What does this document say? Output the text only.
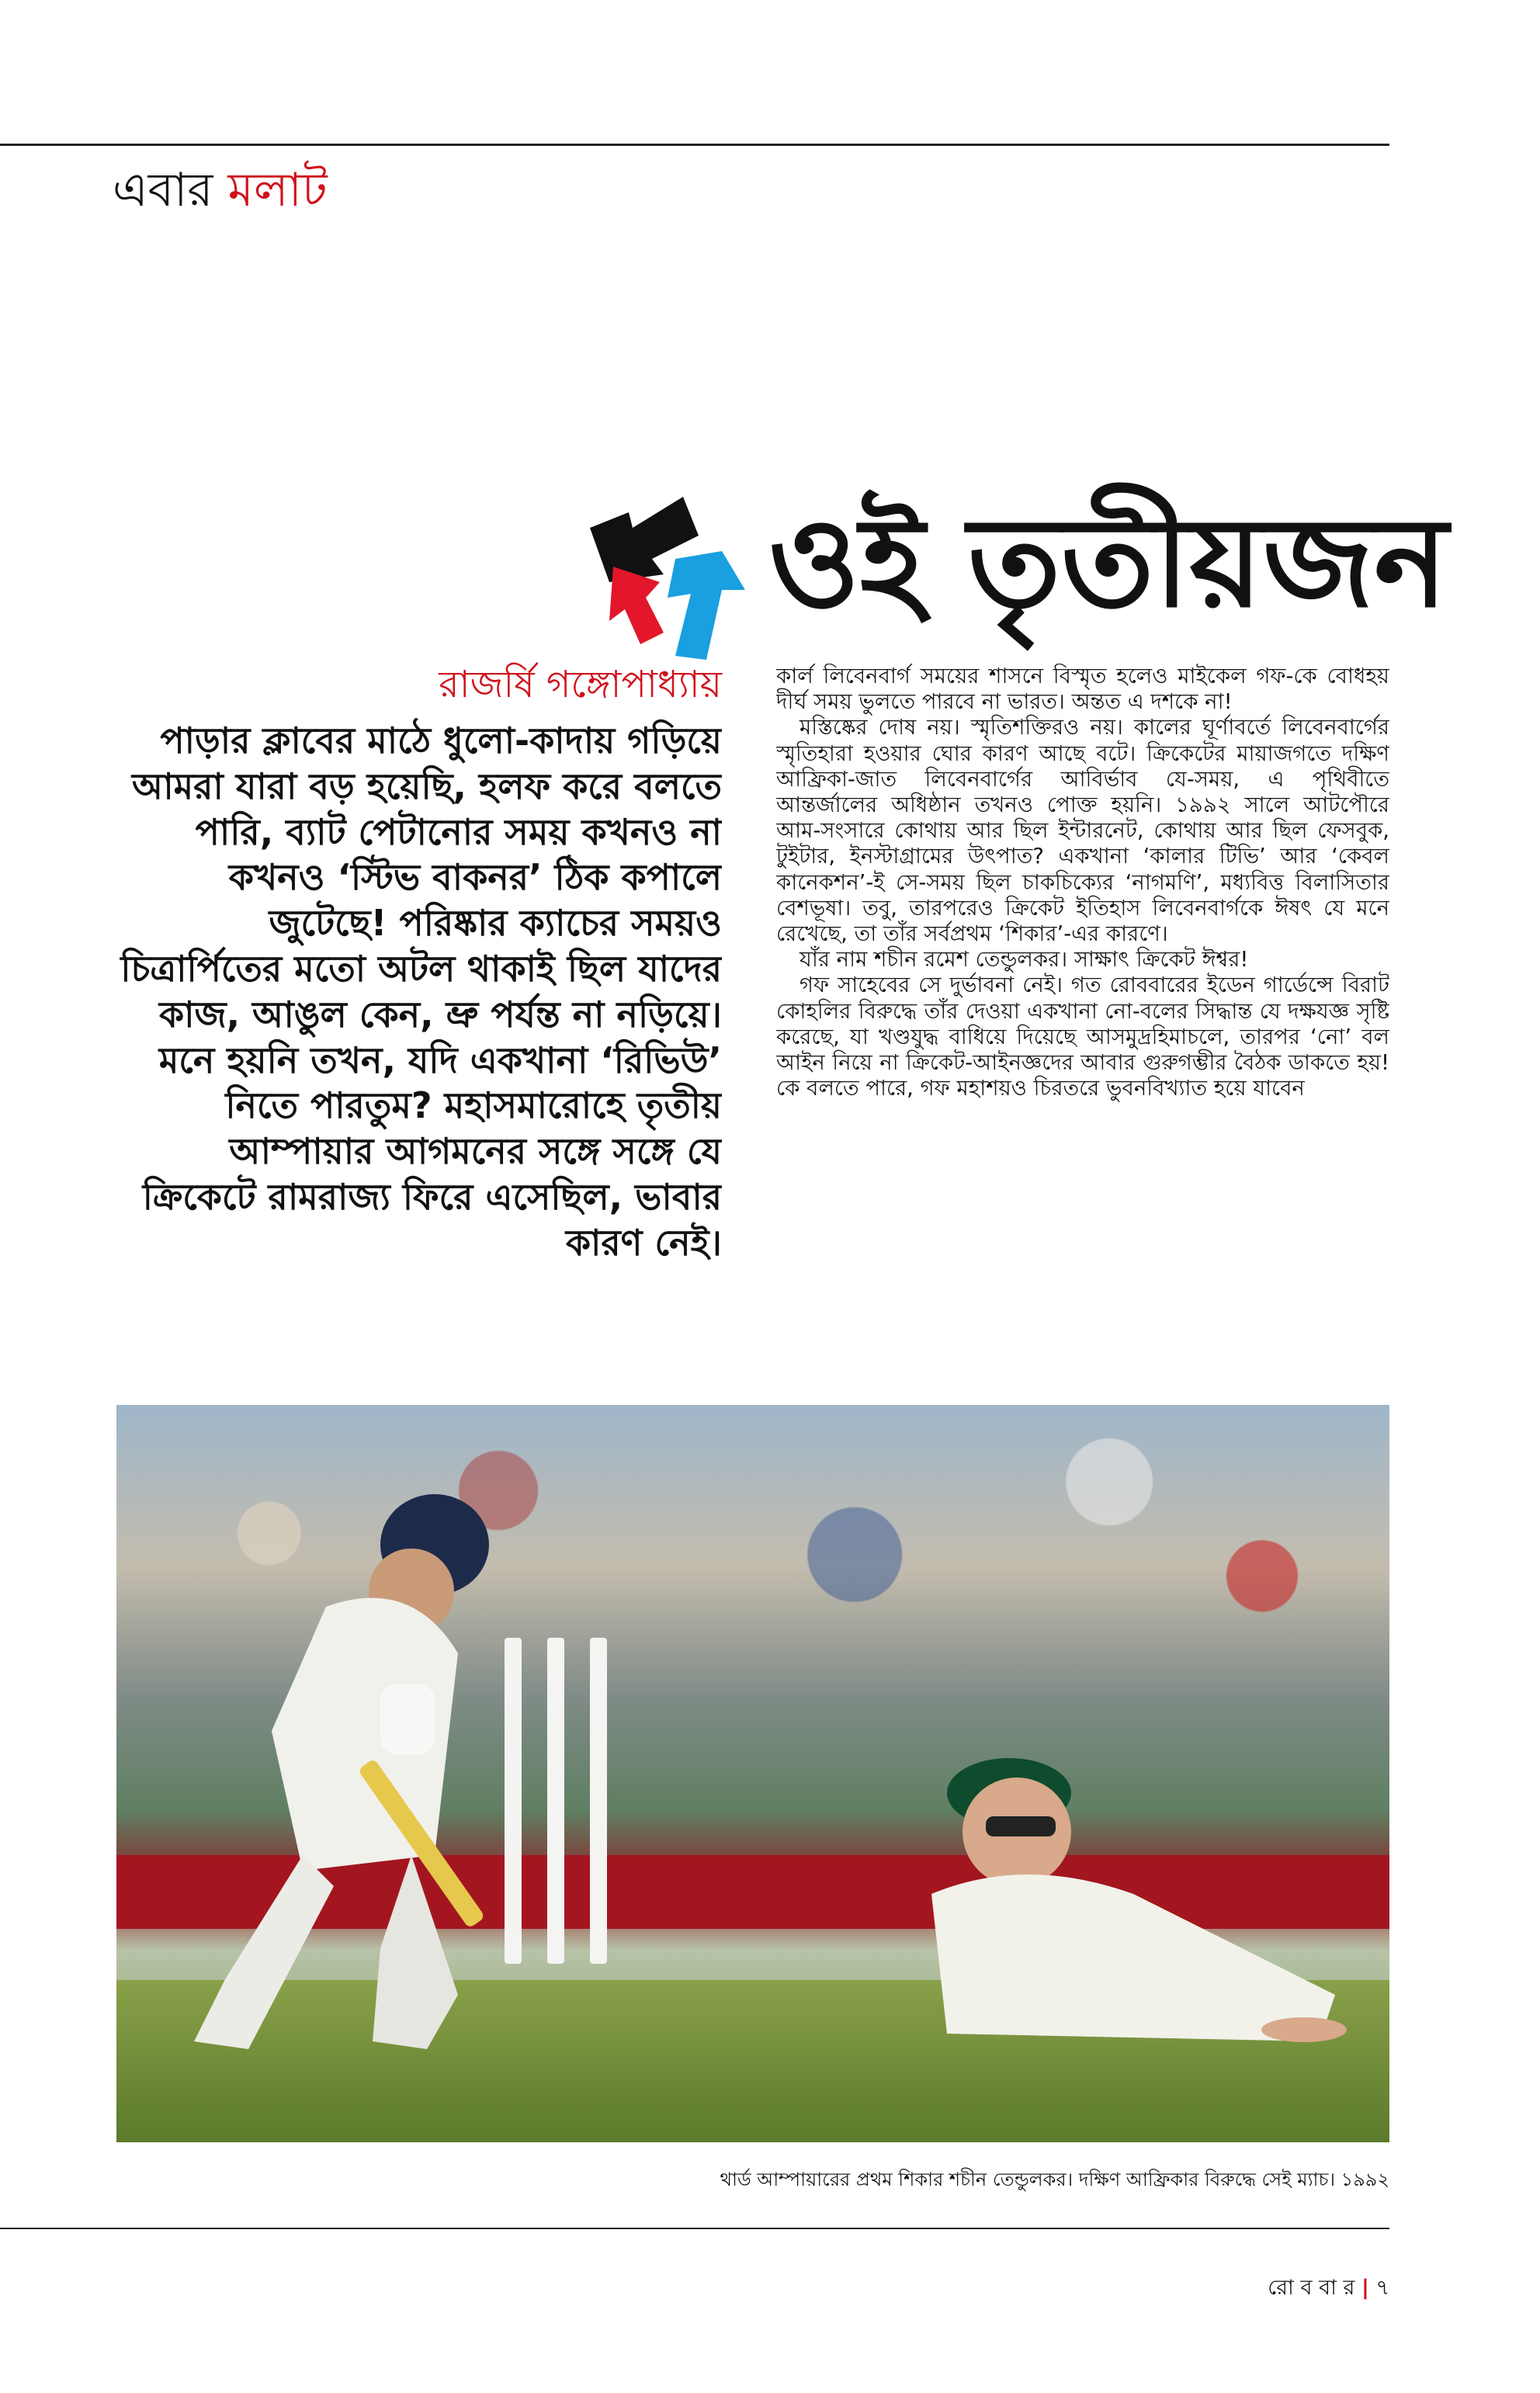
এবার মলাট
ওই তৃতীয়জন
রাজর্ষি গঙ্গোপাধ্যায়

পাড়ার ক্লাবের মাঠে ধুলো-কাদায় গড়িয়ে আমরা যারা বড় হয়েছি, হলফ করে বলতে পারি, ব্যাট পেটানোর সময় কখনও না কখনও ‘স্টিভ বাকনর’ ঠিক কপালে জুটেছে! পরিষ্কার ক্যাচের সময়ও চিত্রার্পিতের মতো অটল থাকাই ছিল যাদের কাজ, আঙুল কেন, ভ্রু পর্যন্ত না নড়িয়ে। মনে হয়নি তখন, যদি একখানা ‘রিভিউ’ নিতে পারতুম? মহাসমারোহে তৃতীয় আম্পায়ার আগমনের সঙ্গে সঙ্গে যে ক্রিকেটে রামরাজ্য ফিরে এসেছিল, ভাবার কারণ নেই।

কার্ল লিবেনবার্গ সময়ের শাসনে বিস্মৃত হলেও মাইকেল গফ-কে বোধহয় দীর্ঘ সময় ভুলতে পারবে না ভারত। অন্তত এ দশকে না!

মস্তিষ্কের দোষ নয়। স্মৃতিশক্তিরও নয়। কালের ঘূর্ণাবর্তে লিবেনবার্গের স্মৃতিহারা হওয়ার ঘোর কারণ আছে বটে। ক্রিকেটের মায়াজগতে দক্ষিণ আফ্রিকা-জাত লিবেনবার্গের আবির্ভাব যে-সময়, এ পৃথিবীতে আন্তর্জালের অধিষ্ঠান তখনও পোক্ত হয়নি। ১৯৯২ সালে আটপৌরে আম-সংসারে কোথায় আর ছিল ইন্টারনেট, কোথায় আর ছিল ফেসবুক, টুইটার, ইনস্টাগ্রামের উৎপাত? একখানা ‘কালার টিভি’ আর ‘কেবল কানেকশন’-ই সে-সময় ছিল চাকচিক্যের ‘নাগমণি’, মধ্যবিত্ত বিলাসিতার বেশভূষা। তবু, তারপরেও ক্রিকেট ইতিহাস লিবেনবার্গকে ঈষৎ যে মনে রেখেছে, তা তাঁর সর্বপ্রথম ‘শিকার’-এর কারণে।

যাঁর নাম শচীন রমেশ তেন্ডুলকর। সাক্ষাৎ ক্রিকেট ঈশ্বর!

গফ সাহেবের সে দুর্ভাবনা নেই। গত রোববারের ইডেন গার্ডেন্সে বিরাট কোহলির বিরুদ্ধে তাঁর দেওয়া একখানা নো-বলের সিদ্ধান্ত যে দক্ষযজ্ঞ সৃষ্টি করেছে, যা খণ্ডযুদ্ধ বাধিয়ে দিয়েছে আসমুদ্রহিমাচলে, তারপর ‘নো’ বল আইন নিয়ে না ক্রিকেট-আইনজ্ঞদের আবার গুরুগম্ভীর বৈঠক ডাকতে হয়! কে বলতে পারে, গফ মহাশয়ও চিরতরে ভুবনবিখ্যাত হয়ে যাবেন

থার্ড আম্পায়ারের প্রথম শিকার শচীন তেন্ডুলকর। দক্ষিণ আফ্রিকার বিরুদ্ধে সেই ম্যাচ। ১৯৯২
রো ব বা র | ৭
